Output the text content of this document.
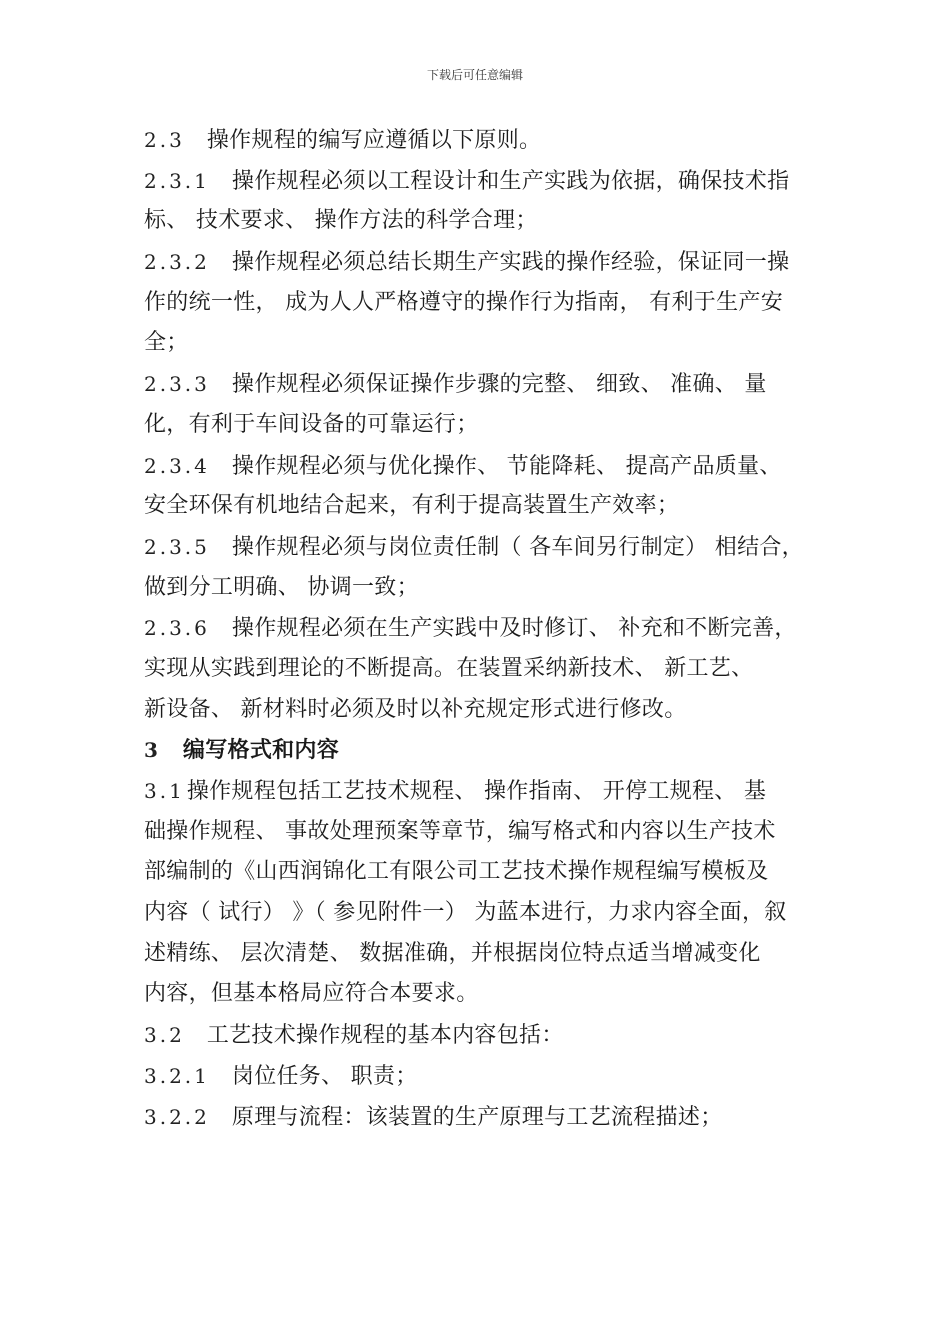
下载后可任意编辑
2.3 操作规程的编写应遵循以下原则。
2.3.1 操作规程必须以工程设计和生产实践为依据，确保技术指
标、 技术要求、 操作方法的科学合理；
2.3.2 操作规程必须总结长期生产实践的操作经验，保证同一操
作的统一性， 成为人人严格遵守的操作行为指南， 有利于生产安
全；
2.3.3 操作规程必须保证操作步骤的完整、 细致、 准确、 量
化，有利于车间设备的可靠运行；
2.3.4 操作规程必须与优化操作、 节能降耗、 提高产品质量、
安全环保有机地结合起来，有利于提高装置生产效率；
2.3.5 操作规程必须与岗位责任制（ 各车间另行制定） 相结合，
做到分工明确、 协调一致；
2.3.6 操作规程必须在生产实践中及时修订、 补充和不断完善，
实现从实践到理论的不断提高。在装置采纳新技术、 新工艺、
新设备、 新材料时必须及时以补充规定形式进行修改。
3 编写格式和内容
3.1操作规程包括工艺技术规程、 操作指南、 开停工规程、 基
础操作规程、 事故处理预案等章节，编写格式和内容以生产技术
部编制的《山西润锦化工有限公司工艺技术操作规程编写模板及
内容（ 试行） 》（ 参见附件一） 为蓝本进行，力求内容全面，叙
述精练、 层次清楚、 数据准确，并根据岗位特点适当增减变化
内容，但基本格局应符合本要求。
3.2 工艺技术操作规程的基本内容包括：
3.2.1 岗位任务、 职责；
3.2.2 原理与流程：该装置的生产原理与工艺流程描述；
